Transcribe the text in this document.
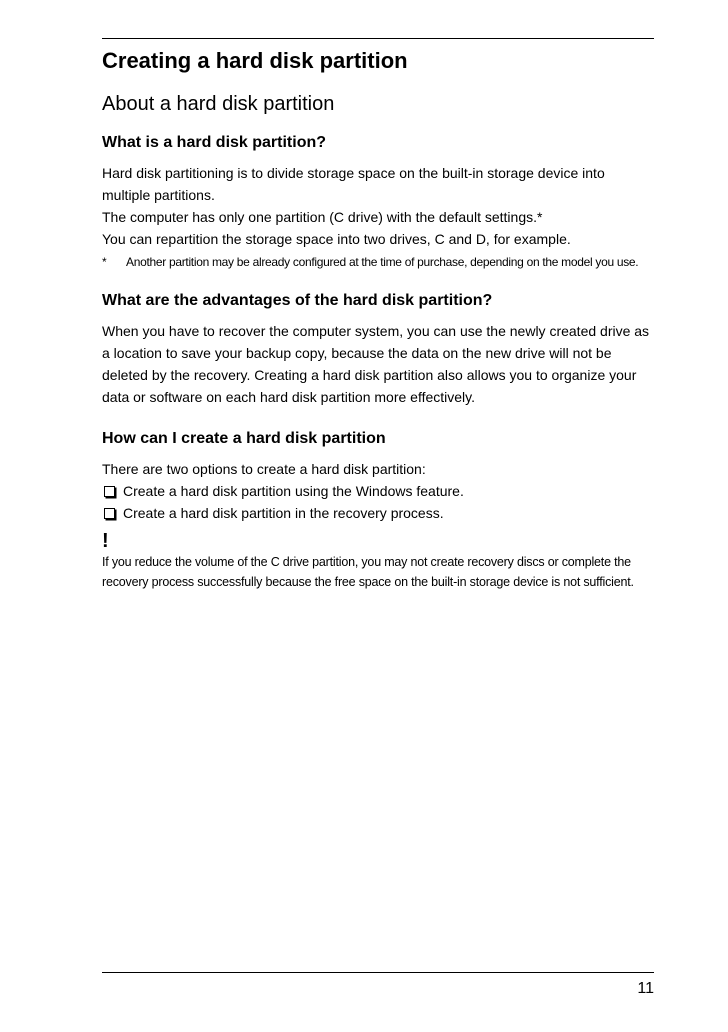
Creating a hard disk partition
About a hard disk partition
What is a hard disk partition?

Hard disk partitioning is to divide storage space on the built-in storage device into multiple partitions.

The computer has only one partition (C drive) with the default settings.*

You can repartition the storage space into two drives, C and D, for example.

*	Another partition may be already configured at the time of purchase, depending on the model you use.
What are the advantages of the hard disk partition?

When you have to recover the computer system, you can use the newly created drive as a location to save your backup copy, because the data on the new drive will not be deleted by the recovery. Creating a hard disk partition also allows you to organize your data or software on each hard disk partition more effectively.

How can I create a hard disk partition

There are two options to create a hard disk partition:

Create a hard disk partition using the Windows feature.
Create a hard disk partition in the recovery process.
!

If you reduce the volume of the C drive partition, you may not create recovery discs or complete the recovery process successfully because the free space on the built-in storage device is not sufficient.

11
